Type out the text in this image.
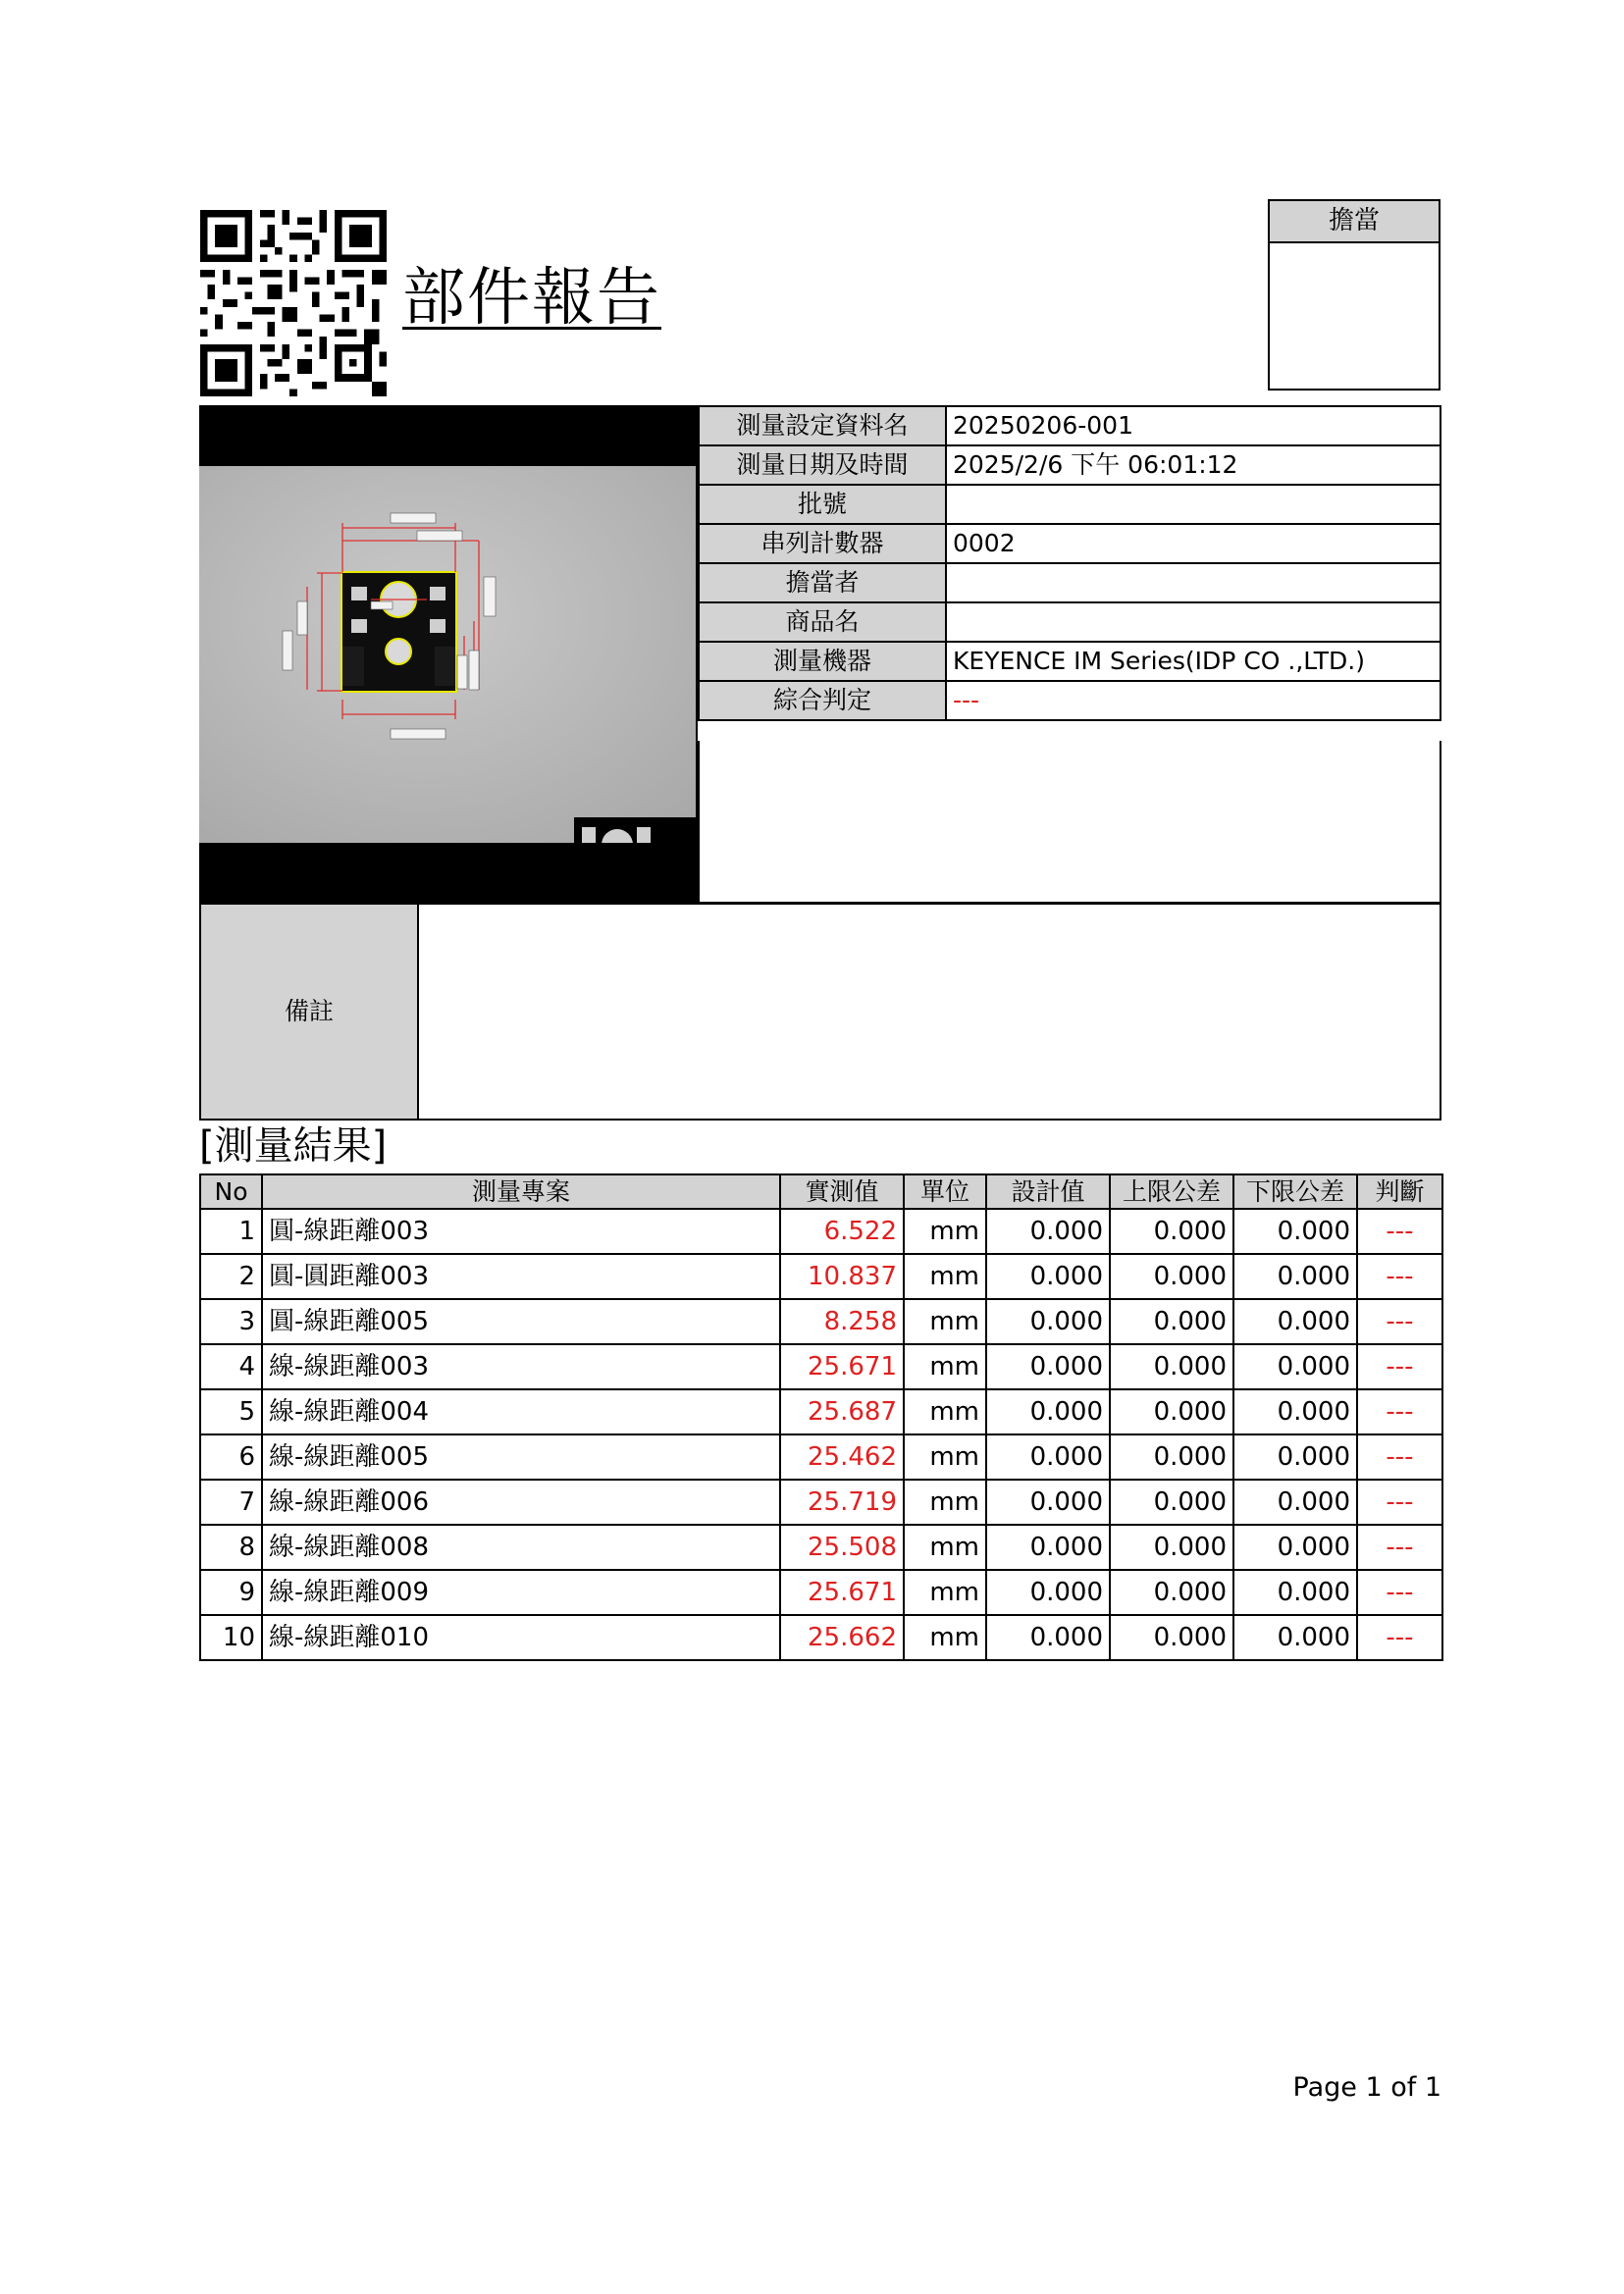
部件報告
擔當
測量設定資料名	20250206-001
測量日期及時間	2025/2/6 下午 06:01:12
批號	
串列計數器	0002
擔當者	
商品名	
測量機器	KEYENCE IM Series(IDP CO .,LTD.)
綜合判定	---
備註
[測量結果]
No	測量專案	實測值	單位	設計值	上限公差	下限公差	判斷
1	圓-線距離003	6.522	mm	0.000	0.000	0.000	---
2	圓-圓距離003	10.837	mm	0.000	0.000	0.000	---
3	圓-線距離005	8.258	mm	0.000	0.000	0.000	---
4	線-線距離003	25.671	mm	0.000	0.000	0.000	---
5	線-線距離004	25.687	mm	0.000	0.000	0.000	---
6	線-線距離005	25.462	mm	0.000	0.000	0.000	---
7	線-線距離006	25.719	mm	0.000	0.000	0.000	---
8	線-線距離008	25.508	mm	0.000	0.000	0.000	---
9	線-線距離009	25.671	mm	0.000	0.000	0.000	---
10	線-線距離010	25.662	mm	0.000	0.000	0.000	---
Page 1 of 1
